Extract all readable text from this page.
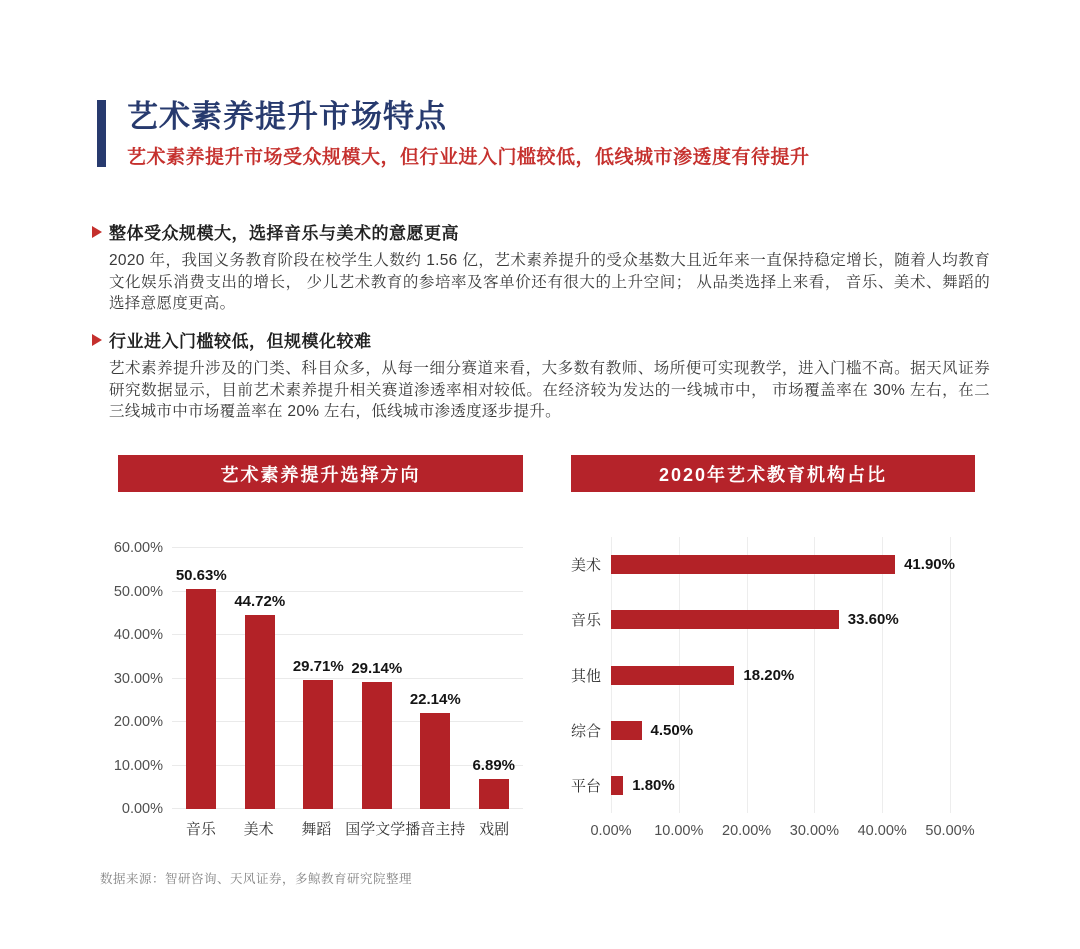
艺术素养提升市场特点
艺术素养提升市场受众规模大，但行业进入门槛较低，低线城市渗透度有待提升
整体受众规模大，选择音乐与美术的意愿更高

2020 年，我国义务教育阶段在校学生人数约 1.56 亿，艺术素养提升的受众基数大且近年来一直保持稳定增长，随着人均教育文化娱乐消费支出的增长， 少儿艺术教育的参培率及客单价还有很大的上升空间； 从品类选择上来看， 音乐、美术、舞蹈的选择意愿度更高。

行业进入门槛较低，但规模化较难

艺术素养提升涉及的门类、科目众多，从每一细分赛道来看，大多数有教师、场所便可实现教学，进入门槛不高。据天风证券研究数据显示，目前艺术素养提升相关赛道渗透率相对较低。在经济较为发达的一线城市中， 市场覆盖率在 30% 左右，在二三线城市中市场覆盖率在 20% 左右，低线城市渗透度逐步提升。

艺术素养提升选择方向
0.00%
10.00%
20.00%
30.00%
40.00%
50.00%
60.00%
50.63%
44.72%
29.71% 29.14%
22.14%
6.89%
音乐	美术	舞蹈 国学文学 播音主持 戏剧
2020年艺术教育机构占比
美术	41.90%
音乐	33.60%
其他	18.20%
综合	4.50%
平台 1.80%
0.00% 10.00% 20.00% 30.00% 40.00% 50.00%
数据来源：智研咨询、天风证券，多鲸教育研究院整理
